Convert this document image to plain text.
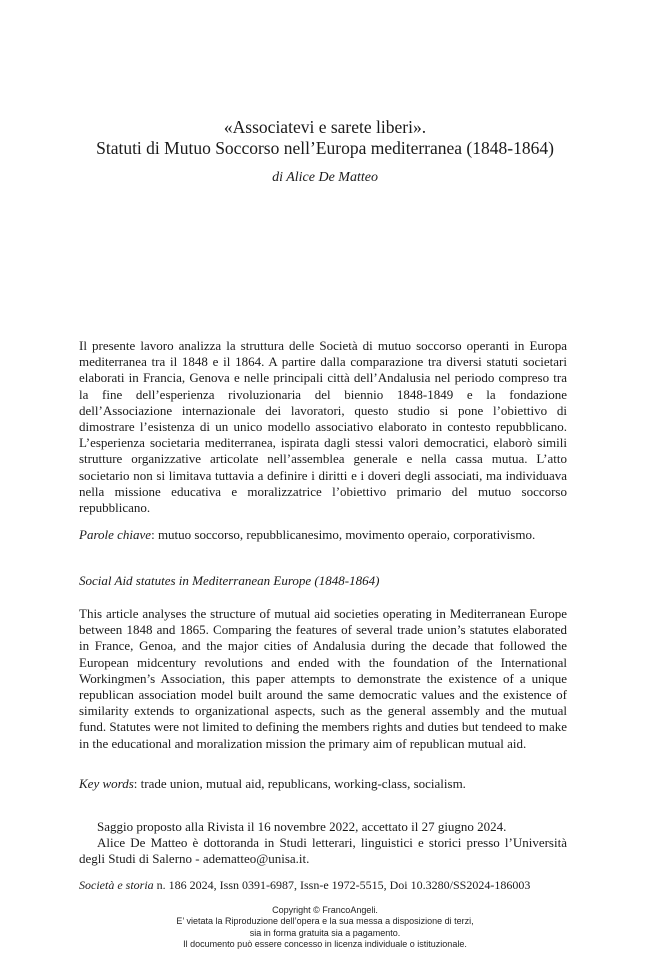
«Associatevi e sarete liberi».
Statuti di Mutuo Soccorso nell’Europa mediterranea (1848-1864)
di Alice De Matteo
Il presente lavoro analizza la struttura delle Società di mutuo soccorso operanti in Europa mediterranea tra il 1848 e il 1864. A partire dalla comparazione tra diversi statuti societari elaborati in Francia, Genova e nelle principali città dell’Andalusia nel periodo compreso tra la fine dell’esperienza rivoluzionaria del biennio 1848-1849 e la fondazione dell’Associazione internazionale dei lavoratori, questo studio si pone l’obiettivo di dimostrare l’esistenza di un unico modello associativo elaborato in contesto repubblicano. L’esperienza societaria mediterranea, ispirata dagli stessi valori democratici, elaborò simili strutture organizzative articolate nell’assemblea generale e nella cassa mutua. L’atto societario non si limitava tuttavia a definire i diritti e i doveri degli associati, ma individuava nella missione educativa e moralizzatrice l’obiettivo primario del mutuo soccorso repubblicano.
Parole chiave: mutuo soccorso, repubblicanesimo, movimento operaio, corporativismo.
Social Aid statutes in Mediterranean Europe (1848-1864)
This article analyses the structure of mutual aid societies operating in Mediterranean Europe between 1848 and 1865. Comparing the features of several trade union’s statutes elaborated in France, Genoa, and the major cities of Andalusia during the decade that followed the European midcentury revolutions and ended with the foundation of the International Workingmen’s Association, this paper attempts to demonstrate the existence of a unique republican association model built around the same democratic values and the existence of similarity extends to organizational aspects, such as the general assembly and the mutual fund. Statutes were not limited to defining the members rights and duties but tendeed to make in the educational and moralization mission the primary aim of republican mutual aid.
Key words: trade union, mutual aid, republicans, working-class, socialism.

Saggio proposto alla Rivista il 16 novembre 2022, accettato il 27 giugno 2024.

Alice De Matteo è dottoranda in Studi letterari, linguistici e storici presso l’Università degli Studi di Salerno - adematteo@unisa.it.

Società e storia n. 186 2024, Issn 0391-6987, Issn-e 1972-5515, Doi 10.3280/SS2024-186003
Copyright © FrancoAngeli.
E’ vietata la Riproduzione dell’opera e la sua messa a disposizione di terzi,
sia in forma gratuita sia a pagamento.
Il documento può essere concesso in licenza individuale o istituzionale.
